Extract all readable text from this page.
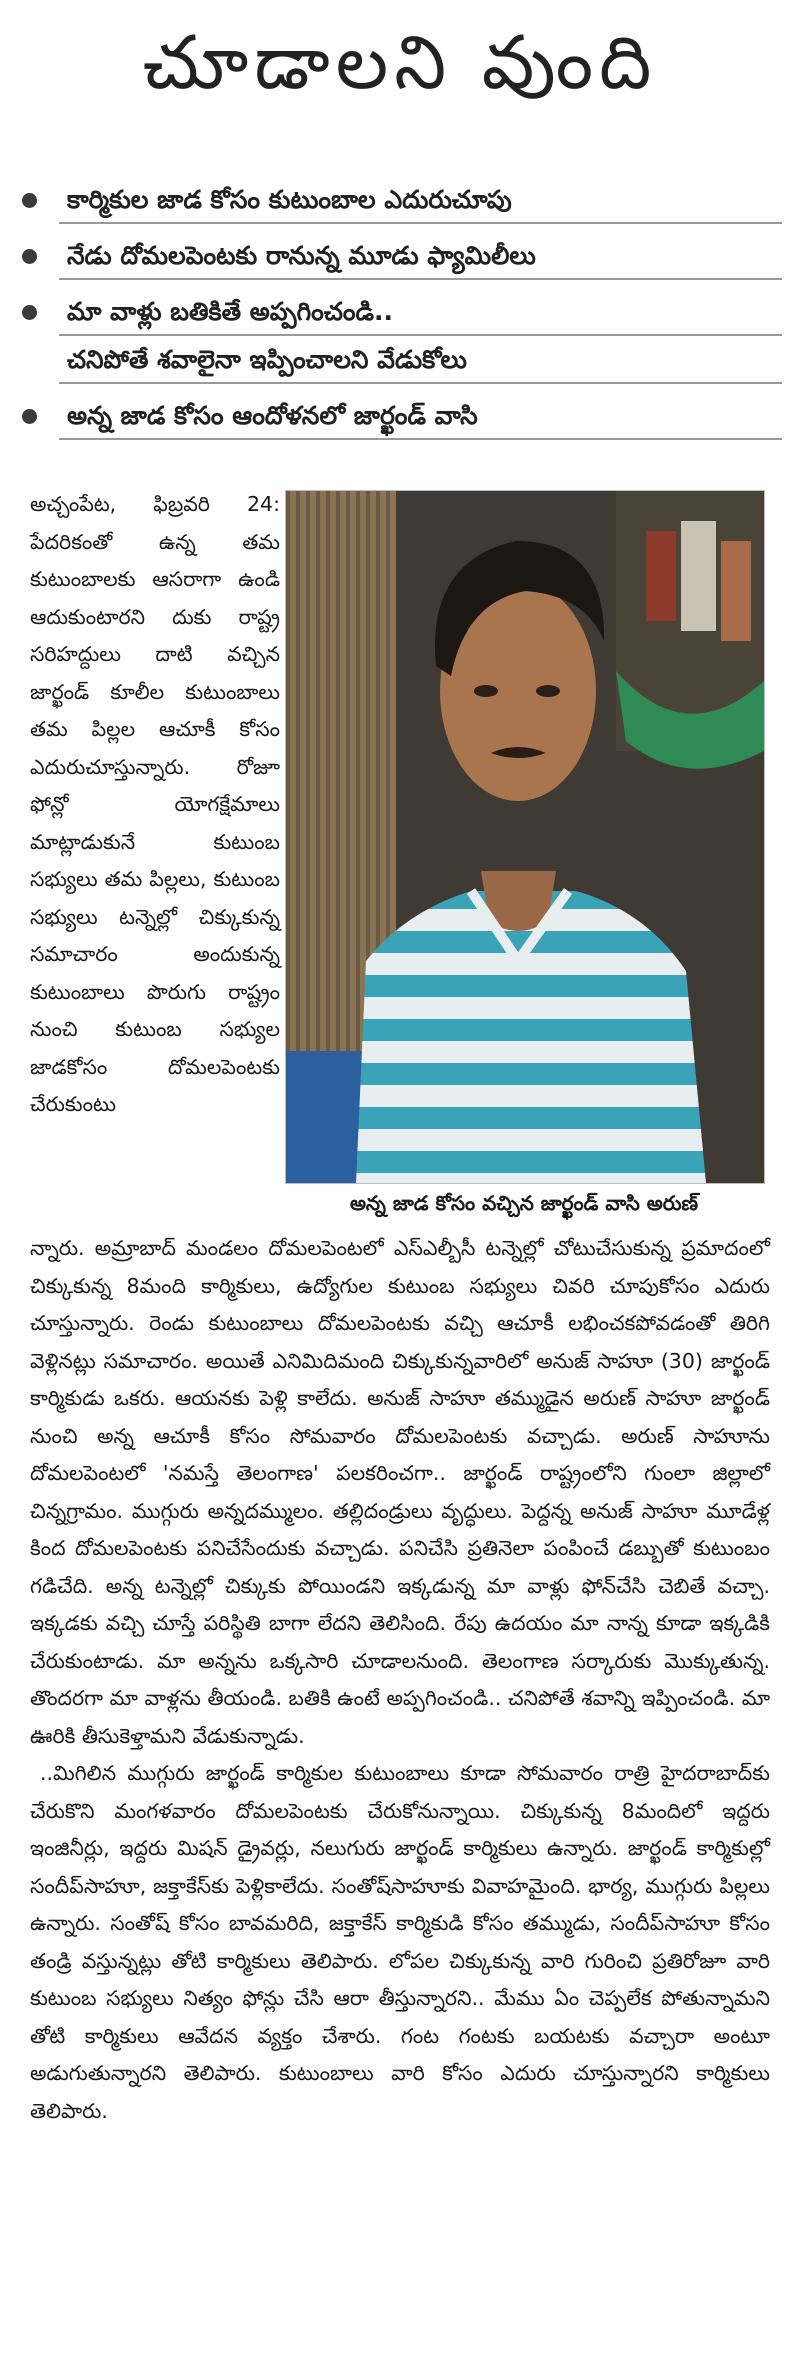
చూడాలని వుంది
కార్మికుల జాడ కోసం కుటుంబాల ఎదురుచూపు
నేడు దోమలపెంటకు రానున్న మూడు ఫ్యామిలీలు
మా వాళ్లు బతికితే అప్పగించండి..
చనిపోతే శవాలైనా ఇప్పించాలని వేడుకోలు
అన్న జాడ కోసం ఆందోళనలో జార్ఖండ్ వాసి

అచ్చంపేట, ఫిబ్రవరి 24: పేదరికంతో ఉన్న తమ కుటుంబాలకు ఆసరాగా ఉండి ఆదుకుంటారని దుకు రాష్ట్ర సరిహద్దులు దాటి వచ్చిన జార్ఖండ్ కూలీల కుటుంబాలు తమ పిల్లల ఆచూకీ కోసం ఎదురుచూస్తున్నారు. రోజూ ఫోన్లో యోగక్షేమాలు మాట్లాడుకునే కుటుంబ సభ్యులు తమ పిల్లలు, కుటుంబ సభ్యులు టన్నెల్లో చిక్కుకున్న సమాచారం అందుకున్న కుటుంబాలు పొరుగు రాష్ట్రం నుంచి కుటుంబ సభ్యుల జాడకోసం దోమలపెంటకు చేరుకుంటు

అన్న జాడ కోసం వచ్చిన జార్ఖండ్ వాసి అరుణ్

న్నారు. అమ్రాబాద్ మండలం దోమలపెంటలో ఎస్ఎల్బీసీ టన్నెల్లో చోటుచేసుకున్న ప్రమాదంలో చిక్కుకున్న 8మంది కార్మికులు, ఉద్యోగుల కుటుంబ సభ్యులు చివరి చూపుకోసం ఎదురు చూస్తున్నారు. రెండు కుటుంబాలు దోమలపెంటకు వచ్చి ఆచూకీ లభించకపోవడంతో తిరిగి వెళ్లినట్లు సమాచారం. అయితే ఎనిమిదిమంది చిక్కుకున్నవారిలో అనుజ్ సాహూ (30) జార్ఖండ్ కార్మికుడు ఒకరు. ఆయనకు పెళ్లి కాలేదు. అనుజ్ సాహూ తమ్ముడైన అరుణ్ సాహూ జార్ఖండ్ నుంచి అన్న ఆచూకీ కోసం సోమవారం దోమలపెంటకు వచ్చాడు. అరుణ్ సాహూను దోమలపెంటలో 'నమస్తే తెలంగాణ' పలకరించగా.. జార్ఖండ్ రాష్ట్రంలోని గుంలా జిల్లాలో చిన్నగ్రామం. ముగ్గురు అన్నదమ్ములం. తల్లిదండ్రులు వృద్ధులు. పెద్దన్న అనుజ్ సాహూ మూడేళ్ల కింద దోమలపెంటకు పనిచేసేందుకు వచ్చాడు. పనిచేసి ప్రతినెలా పంపించే డబ్బుతో కుటుంబం గడిచేది. అన్న టన్నెల్లో చిక్కుకు పోయిండని ఇక్కడున్న మా వాళ్లు ఫోన్‌చేసి చెబితే వచ్చా. ఇక్కడకు వచ్చి చూస్తే పరిస్థితి బాగా లేదని తెలిసింది. రేపు ఉదయం మా నాన్న కూడా ఇక్కడికి చేరుకుంటాడు. మా అన్నను ఒక్కసారి చూడాలనుంది. తెలంగాణ సర్కారుకు మొక్కుతున్న. తొందరగా మా వాళ్లను తీయండి. బతికి ఉంటే అప్పగించండి.. చనిపోతే శవాన్ని ఇప్పించండి. మా ఊరికి తీసుకెళ్తామని వేడుకున్నాడు.

..మిగిలిన ముగ్గురు జార్ఖండ్ కార్మికుల కుటుంబాలు కూడా సోమవారం రాత్రి హైదరాబాద్‌కు చేరుకొని మంగళవారం దోమలపెంటకు చేరుకోనున్నాయి. చిక్కుకున్న 8మందిలో ఇద్దరు ఇంజినీర్లు, ఇద్దరు మిషన్ డ్రైవర్లు, నలుగురు జార్ఖండ్ కార్మికులు ఉన్నారు. జార్ఖండ్ కార్మికుల్లో సందీప్‌సాహూ, జక్తాకేస్‌కు పెళ్లికాలేదు. సంతోష్‌సాహూకు వివాహమైంది. భార్య, ముగ్గురు పిల్లలు ఉన్నారు. సంతోష్ కోసం బావమరిది, జక్తాకేస్ కార్మికుడి కోసం తమ్ముడు, సందీప్‌సాహూ కోసం తండ్రి వస్తున్నట్లు తోటి కార్మికులు తెలిపారు. లోపల చిక్కుకున్న వారి గురించి ప్రతిరోజూ వారి కుటుంబ సభ్యులు నిత్యం ఫోన్లు చేసి ఆరా తీస్తున్నారని.. మేము ఏం చెప్పలేక పోతున్నామని తోటి కార్మికులు ఆవేదన వ్యక్తం చేశారు. గంట గంటకు బయటకు వచ్చారా అంటూ అడుగుతున్నారని తెలిపారు. కుటుంబాలు వారి కోసం ఎదురు చూస్తున్నారని కార్మికులు తెలిపారు.
